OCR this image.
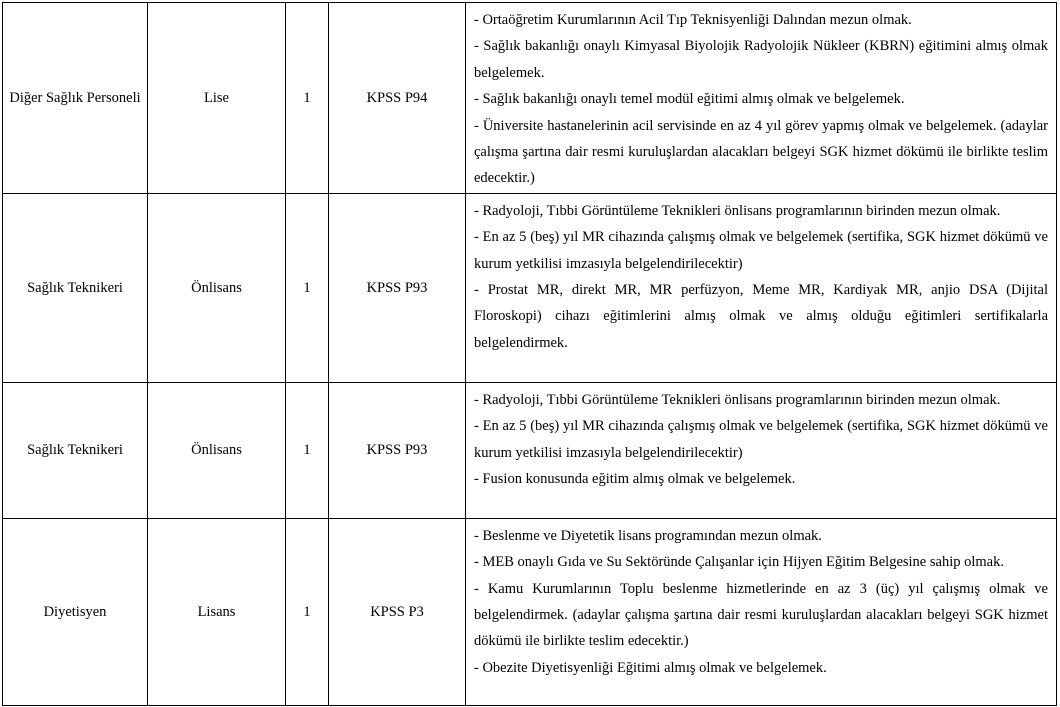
Diğer Sağlık Personeli	Lise	1	KPSS P94	- Ortaöğretim Kurumlarının Acil Tıp Teknisyenliği Dalından mezun olmak.
- Sağlık bakanlığı onaylı Kimyasal Biyolojik Radyolojik Nükleer (KBRN) eğitimini almış olmak belgelemek.
- Sağlık bakanlığı onaylı temel modül eğitimi almış olmak ve belgelemek.
- Üniversite hastanelerinin acil servisinde en az 4 yıl görev yapmış olmak ve belgelemek. (adaylar çalışma şartına dair resmi kuruluşlardan alacakları belgeyi SGK hizmet dökümü ile birlikte teslim edecektir.)

Sağlık Teknikeri	Önlisans	1	KPSS P93	- Radyoloji, Tıbbi Görüntüleme Teknikleri önlisans programlarının birinden mezun olmak.
- En az 5 (beş) yıl MR cihazında çalışmış olmak ve belgelemek (sertifika, SGK hizmet dökümü ve kurum yetkilisi imzasıyla belgelendirilecektir)
- Prostat MR, direkt MR, MR perfüzyon, Meme MR, Kardiyak MR, anjio DSA (Dijital Floroskopi) cihazı eğitimlerini almış olmak ve almış olduğu eğitimleri sertifikalarla belgelendirmek.

Sağlık Teknikeri	Önlisans	1	KPSS P93	- Radyoloji, Tıbbi Görüntüleme Teknikleri önlisans programlarının birinden mezun olmak.
- En az 5 (beş) yıl MR cihazında çalışmış olmak ve belgelemek (sertifika, SGK hizmet dökümü ve kurum yetkilisi imzasıyla belgelendirilecektir)
- Fusion konusunda eğitim almış olmak ve belgelemek.

Diyetisyen	Lisans	1	KPSS P3	- Beslenme ve Diyetetik lisans programından mezun olmak.
- MEB onaylı Gıda ve Su Sektöründe Çalışanlar için Hijyen Eğitim Belgesine sahip olmak.
- Kamu Kurumlarının Toplu beslenme hizmetlerinde en az 3 (üç) yıl çalışmış olmak ve belgelendirmek. (adaylar çalışma şartına dair resmi kuruluşlardan alacakları belgeyi SGK hizmet dökümü ile birlikte teslim edecektir.)
- Obezite Diyetisyenliği Eğitimi almış olmak ve belgelemek.
